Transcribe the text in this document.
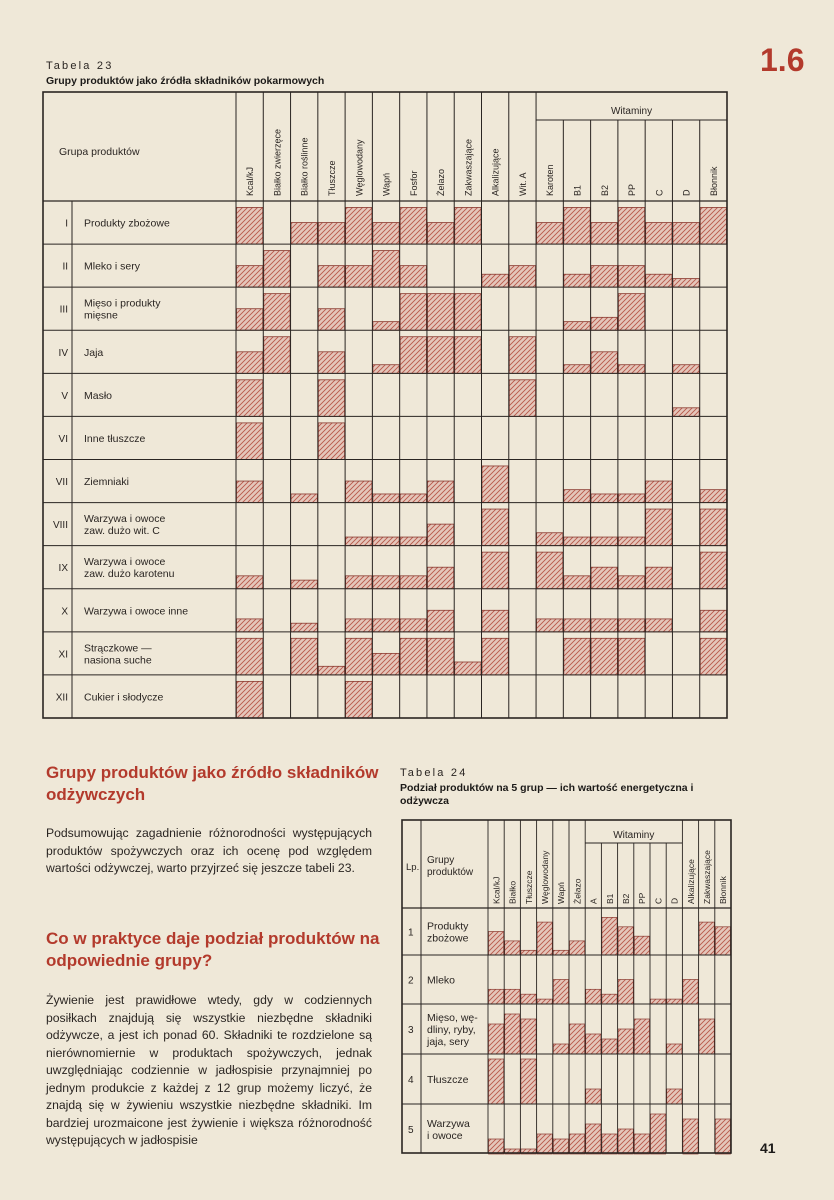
1.6
Tabela 23
Grupy produktów jako źródła składników pokarmowych
Grupa produktów
Witaminy
Kcal/kJ Białko zwierzęce Białko roślinne Tłuszcze Węglowodany Wapń Fosfor Żelazo Zakwaszające Alkalizujące Wit. A Karoten B1 B2 PP C D Błonnik
I Produkty zbożowe
II Mleko i sery
III
Mięso i produkty mięsne
IV Jaja
V Masło
VI Inne tłuszcze
VII Ziemniaki
VIII
Warzywa i owoce zaw. dużo wit. C
IX
Warzywa i owoce zaw. dużo karotenu
X Warzywa i owoce inne
XI
Strączkowe — nasiona suche
XII Cukier i słodycze
Grupy produktów jako źródło składników odżywczych
Podsumowując zagadnienie różnorodności występujących produktów spożywczych oraz ich ocenę pod względem wartości odżywczej, warto przyjrzeć się jeszcze tabeli 23.
Co w praktyce daje podział produktów na odpowiednie grupy?
Żywienie jest prawidłowe wtedy, gdy w codziennych posiłkach znajdują się wszystkie niezbędne składniki odżywcze, a jest ich ponad 60. Składniki te rozdzielone są nierównomiernie w produktach spożywczych, jednak uwzględniając codziennie w jadłospisie przynajmniej po jednym produkcie z każdej z 12 grup możemy liczyć, że znajdą się w żywieniu wszystkie niezbędne składniki. Im bardziej urozmaicone jest żywienie i większa różnorodność występujących w jadłospisie
Tabela 24
Podział produktów na 5 grup — ich wartość energetyczna i odżywcza
Lp.
Grupy produktów
Witaminy
Kcal/kJ Białko Tłuszcze Węglowodany Wapń Żelazo A B1 B2 PP C D Alkalizujące Zakwaszające Błonnik
1
Produkty zbożowe
2 Mleko
3
Mięso, wę-dliny, ryby, jaja, sery
4 Tłuszcze
5
Warzywa i owoce
41
